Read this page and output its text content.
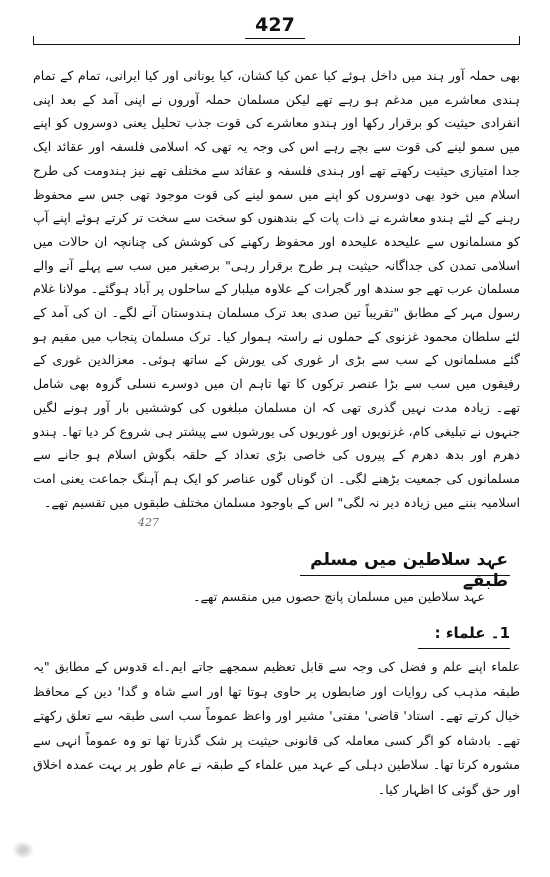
427

بھی حملہ آور ہند میں داخل ہوئے کیا عمن کیا کشان، کیا یونانی اور کیا ایرانی، تمام کے تمام ہندی معاشرے میں مدغم ہو رہے تھے لیکن مسلمان حملہ آوروں نے اپنی آمد کے بعد اپنی انفرادی حیثیت کو برقرار رکھا اور ہندو معاشرے کی قوت جذب تحلیل یعنی دوسروں کو اپنے میں سمو لینے کی قوت سے بچے رہے اس کی وجہ یہ تھی کہ اسلامی فلسفہ اور عقائد ایک جدا امتیازی حیثیت رکھتے تھے اور ہندی فلسفہ و عقائد سے مختلف تھے نیز ہندومت کی طرح اسلام میں خود بھی دوسروں کو اپنے میں سمو لینے کی قوت موجود تھی جس سے محفوظ رہنے کے لئے ہندو معاشرے نے ذات پات کے بندھنوں کو سخت سے سخت تر کرتے ہوئے اپنے آپ کو مسلمانوں سے علیحدہ علیحدہ اور محفوظ رکھنے کی کوشش کی چنانچہ ان حالات میں اسلامی تمدن کی جداگانہ حیثیت ہر طرح برقرار رہی" برصغیر میں سب سے پہلے آنے والے مسلمان عرب تھے جو سندھ اور گجرات کے علاوہ میلبار کے ساحلوں پر آباد ہوگئے۔ مولانا غلام رسول مہر کے مطابق "تقریباً تین صدی بعد ترک مسلمان ہندوستان آنے لگے۔ ان کی آمد کے لئے سلطان محمود غزنوی کے حملوں نے راستہ ہموار کیا۔ ترک مسلمان پنجاب میں مقیم ہو گئے مسلمانوں کے سب سے بڑی ار غوری کی یورش کے ساتھ ہوئی۔ معزالدین غوری کے رفیقوں میں سب سے بڑا عنصر ترکوں کا تھا تاہم ان میں دوسرے نسلی گروہ بھی شامل تھے۔ زیادہ مدت نہیں گذری تھی کہ ان مسلمان مبلغوں کی کوششیں بار آور ہونے لگیں جنہوں نے تبلیغی کام، غزنویوں اور غوریوں کی یورشوں سے پیشتر ہی شروع کر دیا تھا۔ ہندو دھرم اور بدھ دھرم کے پیروں کی خاصی بڑی تعداد کے حلقہ بگوش اسلام ہو جانے سے مسلمانوں کی جمعیت بڑھنے لگی۔ ان گوناں گوں عناصر کو ایک ہم آہنگ جماعت یعنی امت اسلامیہ بننے میں زیادہ دیر نہ لگی" اس کے باوجود مسلمان مختلف طبقوں میں تقسیم تھے۔

427
عہد سلاطین میں مسلم طبقے
عہد سلاطین میں مسلمان پانچ حصوں میں منقسم تھے۔
1۔ علماء :

علماء اپنے علم و فضل کی وجہ سے قابل تعظیم سمجھے جاتے ایم۔اے قدوس کے مطابق "یہ طبقہ مذہب کی روایات اور ضابطوں پر حاوی ہوتا تھا اور اسے شاہ و گدا' دین کے محافظ خیال کرتے تھے۔ استاد' قاضی' مفتی' مشیر اور واعظ عموماً سب اسی طبقہ سے تعلق رکھتے تھے۔ بادشاہ کو اگر کسی معاملہ کی قانونی حیثیت پر شک گذرتا تھا تو وہ عموماً انہی سے مشورہ کرتا تھا۔ سلاطین دہلی کے عہد میں علماء کے طبقہ نے عام طور پر بہت عمدہ اخلاق اور حق گوئی کا اظہار کیا۔
